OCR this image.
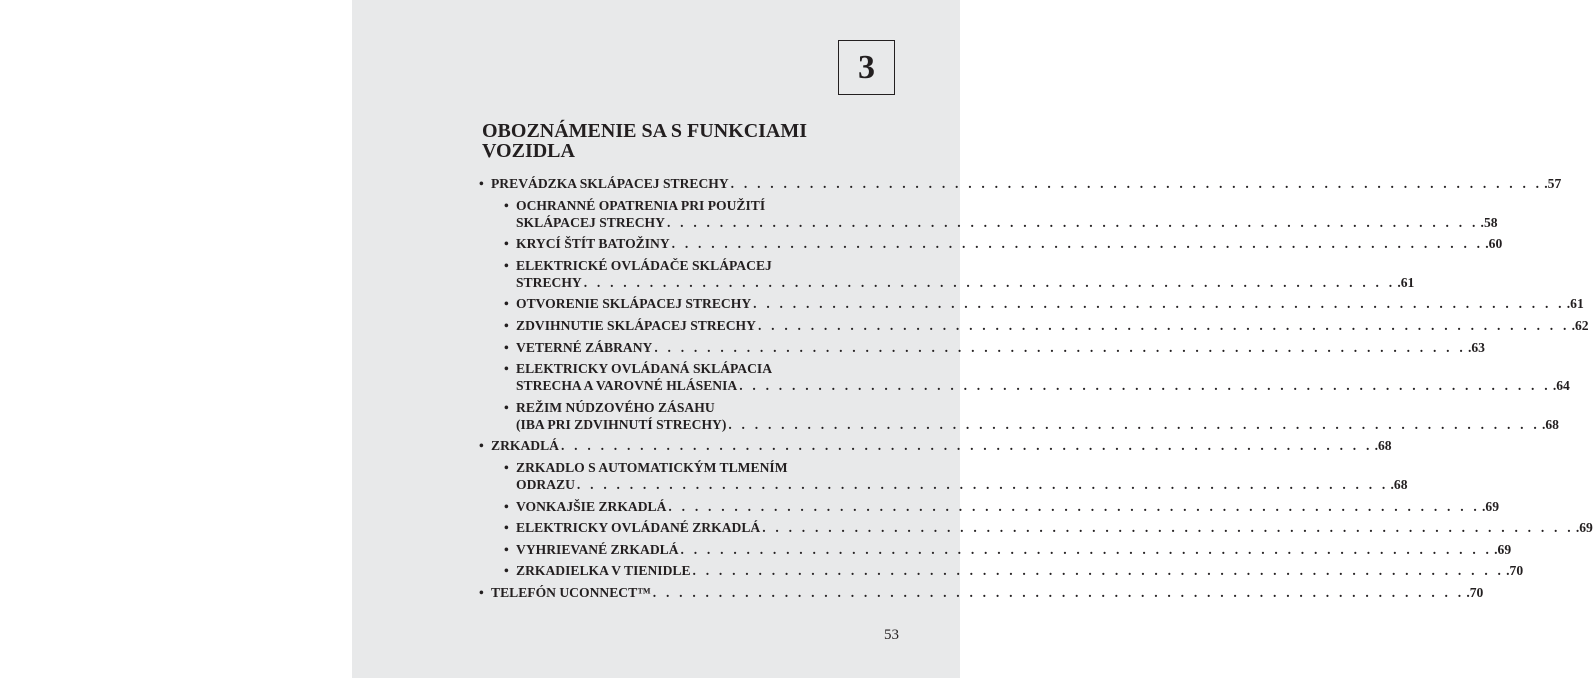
3
OBOZNÁMENIE SA S FUNKCIAMI
VOZIDLA
• PREVÁDZKA SKLÁPACEJ STRECHY . . . . . . . . . . . . . . . . . . . . . . . . . . . . . . . . . . . . . . . . . . . . . . . . . . . . . . . . . . . . . . .57
• OCHRANNÉ OPATRENIA PRI POUŽITÍ
SKLÁPACEJ STRECHY . . . . . . . . . . . . . . . . . . . . . . . . . . . . . . . . . . . . . . . . . . . . . . . . . . . . . . . . . . . . . . .58
• KRYCÍ ŠTÍT BATOŽINY . . . . . . . . . . . . . . . . . . . . . . . . . . . . . . . . . . . . . . . . . . . . . . . . . . . . . . . . . . . . . . .60
• ELEKTRICKÉ OVLÁDAČE SKLÁPACEJ
STRECHY . . . . . . . . . . . . . . . . . . . . . . . . . . . . . . . . . . . . . . . . . . . . . . . . . . . . . . . . . . . . . . .61
• OTVORENIE SKLÁPACEJ STRECHY . . . . . . . . . . . . . . . . . . . . . . . . . . . . . . . . . . . . . . . . . . . . . . . . . . . . . . . . . . . . . . .61
• ZDVIHNUTIE SKLÁPACEJ STRECHY . . . . . . . . . . . . . . . . . . . . . . . . . . . . . . . . . . . . . . . . . . . . . . . . . . . . . . . . . . . . . . .62
• VETERNÉ ZÁBRANY . . . . . . . . . . . . . . . . . . . . . . . . . . . . . . . . . . . . . . . . . . . . . . . . . . . . . . . . . . . . . . .63
• ELEKTRICKY OVLÁDANÁ SKLÁPACIA
STRECHA A VAROVNÉ HLÁSENIA . . . . . . . . . . . . . . . . . . . . . . . . . . . . . . . . . . . . . . . . . . . . . . . . . . . . . . . . . . . . . . .64
• REŽIM NÚDZOVÉHO ZÁSAHU
(IBA PRI ZDVIHNUTÍ STRECHY) . . . . . . . . . . . . . . . . . . . . . . . . . . . . . . . . . . . . . . . . . . . . . . . . . . . . . . . . . . . . . . .68
• ZRKADLÁ . . . . . . . . . . . . . . . . . . . . . . . . . . . . . . . . . . . . . . . . . . . . . . . . . . . . . . . . . . . . . . .68
• ZRKADLO S AUTOMATICKÝM TLMENÍM
ODRAZU . . . . . . . . . . . . . . . . . . . . . . . . . . . . . . . . . . . . . . . . . . . . . . . . . . . . . . . . . . . . . . .68
• VONKAJŠIE ZRKADLÁ . . . . . . . . . . . . . . . . . . . . . . . . . . . . . . . . . . . . . . . . . . . . . . . . . . . . . . . . . . . . . . .69
• ELEKTRICKY OVLÁDANÉ ZRKADLÁ . . . . . . . . . . . . . . . . . . . . . . . . . . . . . . . . . . . . . . . . . . . . . . . . . . . . . . . . . . . . . . .69
• VYHRIEVANÉ ZRKADLÁ . . . . . . . . . . . . . . . . . . . . . . . . . . . . . . . . . . . . . . . . . . . . . . . . . . . . . . . . . . . . . . .69
• ZRKADIELKA V TIENIDLE . . . . . . . . . . . . . . . . . . . . . . . . . . . . . . . . . . . . . . . . . . . . . . . . . . . . . . . . . . . . . . .70
• TELEFÓN UCONNECT™ . . . . . . . . . . . . . . . . . . . . . . . . . . . . . . . . . . . . . . . . . . . . . . . . . . . . . . . . . . . . . . .70
53
